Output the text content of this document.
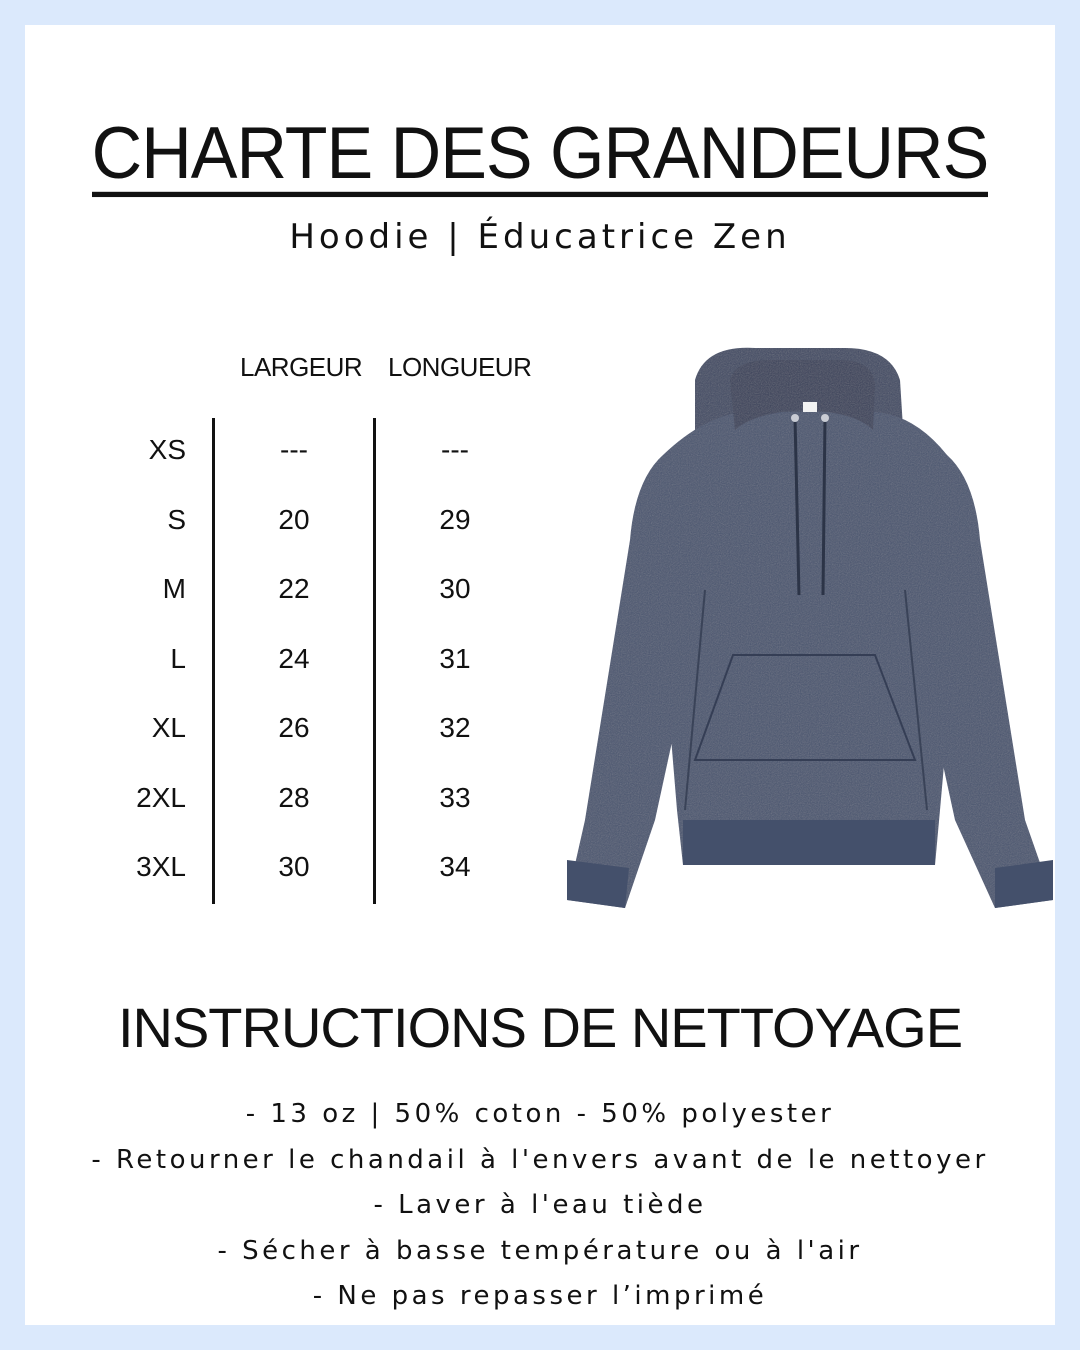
CHARTE DES GRANDEURS
Hoodie | Éducatrice Zen
LARGEUR LONGUEUR
XS	---	---
S	20	29
M	22	30
L	24	31
XL	26	32
2XL	28	33
3XL	30	34
INSTRUCTIONS DE NETTOYAGE
- 13 oz | 50% coton - 50% polyester
- Retourner le chandail à l'envers avant de le nettoyer
- Laver à l'eau tiède
- Sécher à basse température ou à l'air
- Ne pas repasser l’imprimé
